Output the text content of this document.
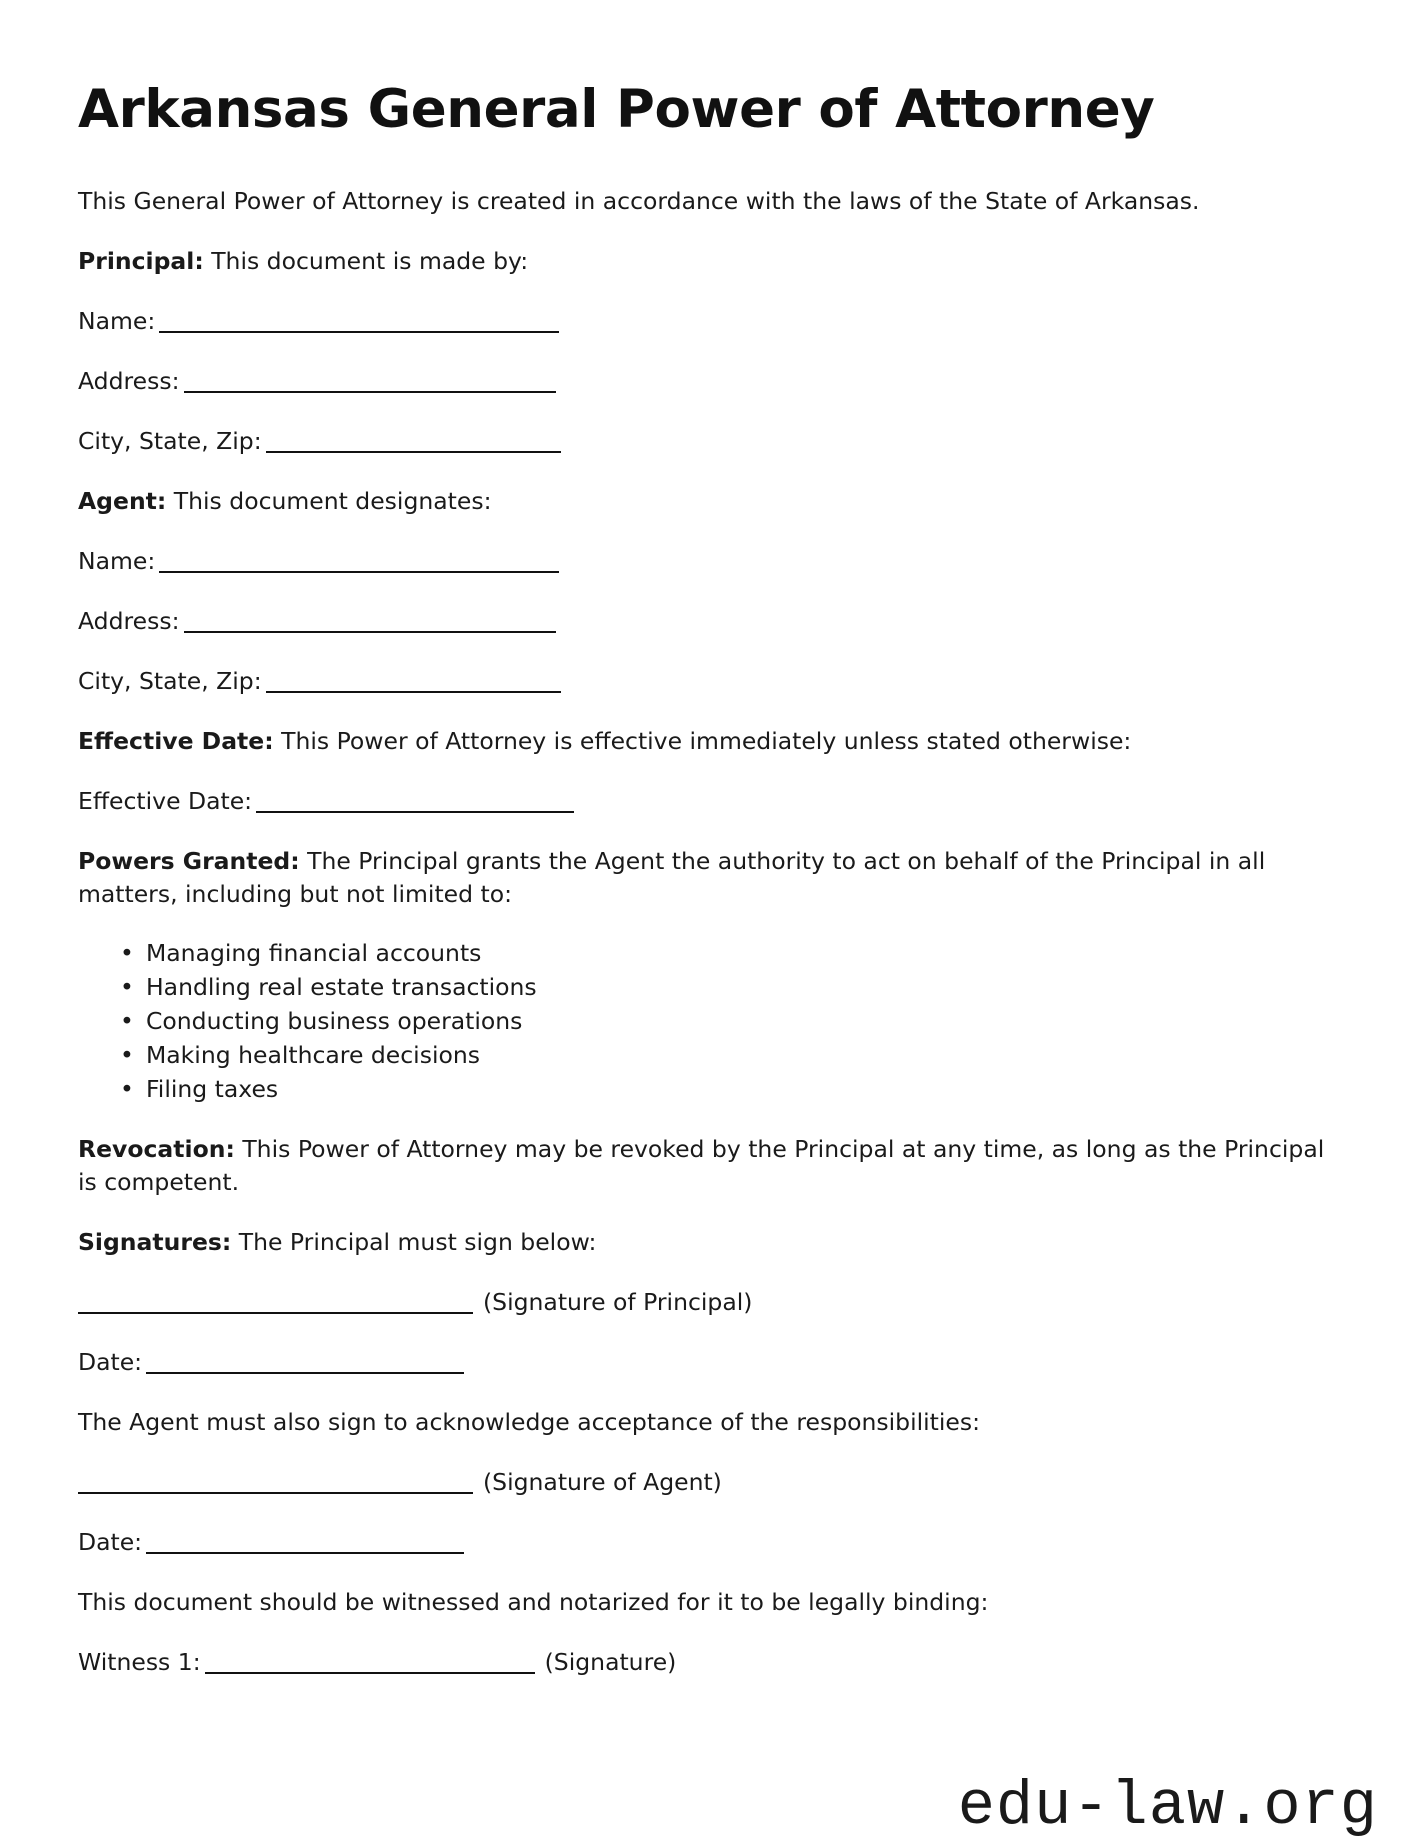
Arkansas General Power of Attorney

This General Power of Attorney is created in accordance with the laws of the State of Arkansas.

Principal: This document is made by:

Name:

Address:

City, State, Zip:

Agent: This document designates:

Name:

Address:

City, State, Zip:

Effective Date: This Power of Attorney is effective immediately unless stated otherwise:

Effective Date:

Powers Granted: The Principal grants the Agent the authority to act on behalf of the Principal in all matters, including but not limited to:

• Managing financial accounts
• Handling real estate transactions
• Conducting business operations
• Making healthcare decisions
• Filing taxes

Revocation: This Power of Attorney may be revoked by the Principal at any time, as long as the Principal is competent.

Signatures: The Principal must sign below:

(Signature of Principal)

Date:

The Agent must also sign to acknowledge acceptance of the responsibilities:

(Signature of Agent)

Date:

This document should be witnessed and notarized for it to be legally binding:

Witness 1:	(Signature)

edu-law.org
